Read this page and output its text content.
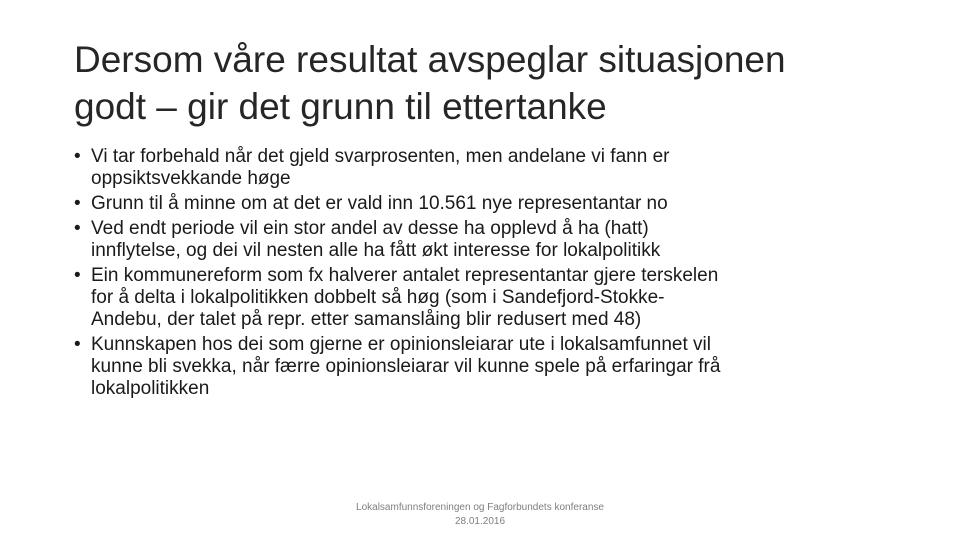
Dersom våre resultat avspeglar situasjonen
godt – gir det grunn til ettertanke
• Vi tar forbehald når det gjeld svarprosenten, men andelane vi fann er
oppsiktsvekkande høge
• Grunn til å minne om at det er vald inn 10.561 nye representantar no
• Ved endt periode vil ein stor andel av desse ha opplevd å ha (hatt)
innflytelse, og dei vil nesten alle ha fått økt interesse for lokalpolitikk
• Ein kommunereform som fx halverer antalet representantar gjere terskelen
for å delta i lokalpolitikken dobbelt så høg (som i Sandefjord-Stokke-
Andebu, der talet på repr. etter samanslåing blir redusert med 48)
• Kunnskapen hos dei som gjerne er opinionsleiarar ute i lokalsamfunnet vil
kunne bli svekka, når færre opinionsleiarar vil kunne spele på erfaringar frå
lokalpolitikken
Lokalsamfunnsforeningen og Fagforbundets konferanse
28.01.2016
